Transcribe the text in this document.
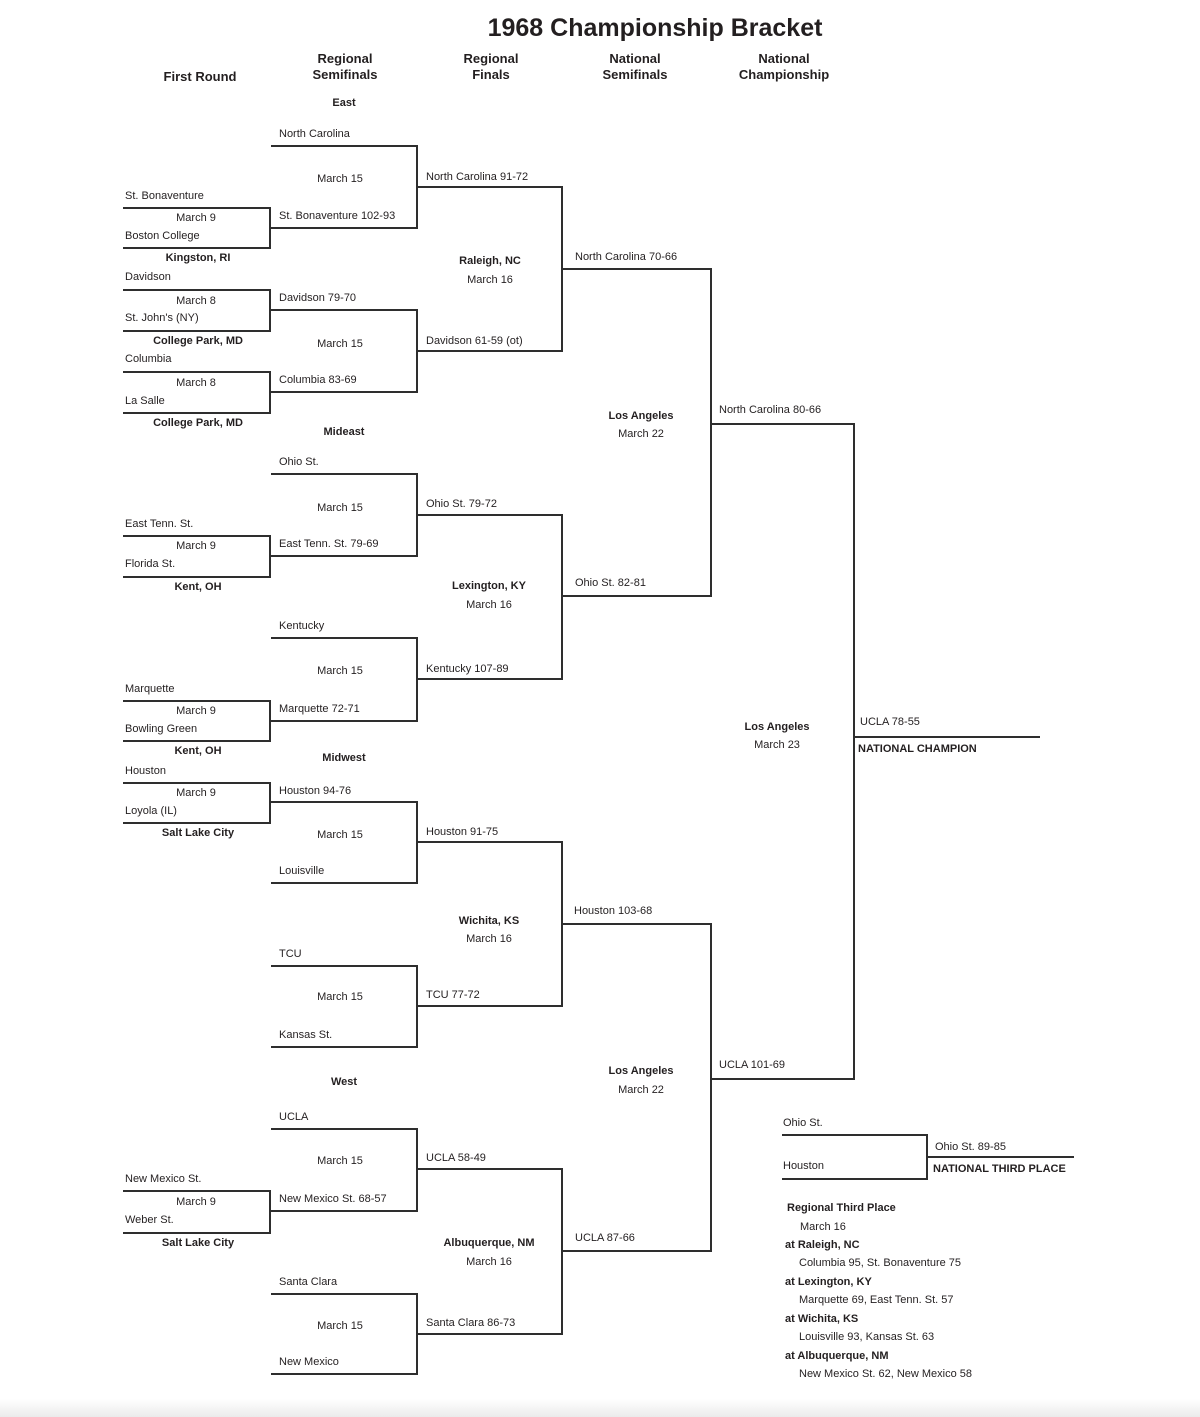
1968 Championship Bracket
First Round
Regional Semifinals
Regional Finals
National Semifinals
National Championship
East
North Carolina
March 15
St. Bonaventure
St. Bonaventure 102-93
March 9
Boston College
Kingston, RI
North Carolina 91-72
Raleigh, NC
March 16
Davidson
Davidson 79-70
March 8
St. John's (NY)
College Park, MD	March 15	Davidson 61-59 (ot)
Columbia
Columbia 83-69
March 8
La Salle
College Park, MD
North Carolina 70-66
Mideast
Ohio St.
March 15
East Tenn. St.
East Tenn. St. 79-69
March 9
Florida St.
Kent, OH
Ohio St. 79-72
Lexington, KY
March 16
Kentucky
March 15
Marquette
Marquette 72-71
March 9
Bowling Green
Kent, OH
Kentucky 107-89
Ohio St. 82-81
Los Angeles
March 22
North Carolina 80-66
Midwest
Houston
Houston 94-76
March 9
Loyola (IL)
Salt Lake City	March 15
Louisville
Houston 91-75
Wichita, KS
March 16
TCU
March 15
Kansas St.
TCU 77-72
Houston 103-68
West
UCLA
March 15
New Mexico St.
New Mexico St. 68-57
March 9
Weber St.
Salt Lake City
UCLA 58-49
Albuquerque, NM
March 16
Santa Clara
March 15
New Mexico
Santa Clara 86-73
UCLA 87-66
Los Angeles
March 22
UCLA 101-69
Los Angeles
March 23
UCLA 78-55
NATIONAL CHAMPION
Ohio St.
Houston
Ohio St. 89-85
NATIONAL THIRD PLACE
Regional Third Place
March 16
at Raleigh, NC
Columbia 95, St. Bonaventure 75
at Lexington, KY
Marquette 69, East Tenn. St. 57
at Wichita, KS
Louisville 93, Kansas St. 63
at Albuquerque, NM
New Mexico St. 62, New Mexico 58
